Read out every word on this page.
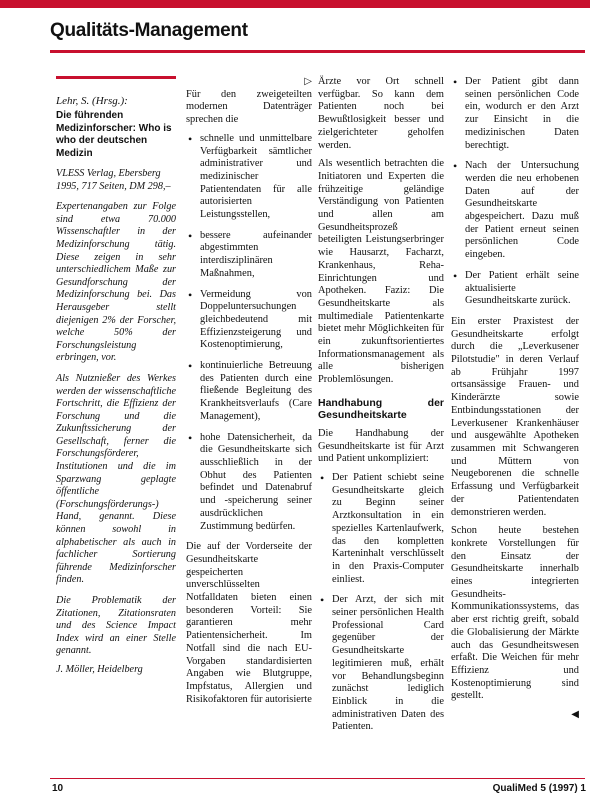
Qualitäts-Management
Lehr, S. (Hrsg.):
Die führenden Medizinforscher: Who is who der deutschen Medizin
VLESS Verlag, Ebersberg 1995, 717 Seiten, DM 298,–
Expertenangaben zur Folge sind etwa 70.000 Wissenschaftler in der Medizinforschung tätig. Diese zeigen in sehr unterschiedlichem Maße zur Gesundforschung der Medizinforschung bei. Das Herausgeber stellt diejenigen 2% der Forscher, welche 50% der Forschungsleistung erbringen, vor.
Als Nutznießer des Werkes werden der wissenschaftliche Fortschritt, die Effizienz der Forschung und die Zukunftssicherung der Gesellschaft, ferner die Forschungsförderer, Institutionen und die im Sparzwang geplagte öffentliche (Forschungsförderungs-) Hand, genannt. Diese können sowohl in alphabetischer als auch in fachlicher Sortierung führende Medizinforscher finden.
Die Problematik der Zitationen, Zitationsraten und des Science Impact Index wird an einer Stelle genannt.
J. Möller, Heidelberg
▷

Für den zweigeteilten modernen Datenträger sprechen die

• schnelle und unmittelbare Verfügbarkeit sämtlicher administrativer und medizinischer Patientendaten für alle autorisierten Leistungsstellen,
• bessere aufeinander abgestimmten interdisziplinären Maßnahmen,
• Vermeidung von Doppeluntersuchungen gleichbedeutend mit Effizienzsteigerung und Kostenoptimierung,
• kontinuierliche Betreuung des Patienten durch eine fließende Begleitung des Krankheitsverlaufs (Care Management),
• hohe Datensicherheit, da die Gesundheitskarte sich ausschließlich in der Obhut des Patienten befindet und Datenabruf und -speicherung seiner ausdrücklichen Zustimmung bedürfen.

Die auf der Vorderseite der Gesundheitskarte gespeicherten unverschlüsselten Notfalldaten bieten einen besonderen Vorteil: Sie garantieren mehr Patientensicherheit. Im Notfall sind die nach EU-Vorgaben standardisierten Angaben wie Blutgruppe, Impfstatus, Allergien und Risikofaktoren für autorisierte

Ärzte vor Ort schnell verfügbar. So kann dem Patienten noch bei Bewußtlosigkeit besser und zielgerichteter geholfen werden.

Als wesentlich betrachten die Initiatoren und Experten die frühzeitige geländige Verständigung von Patienten und allen am Gesundheitsprozeß beteiligten Leistungserbringer wie Hausarzt, Facharzt, Krankenhaus, Reha-Einrichtungen und Apotheken. Faziz: Die Gesundheitskarte als multimediale Patientenkarte bietet mehr Möglichkeiten für ein zukunftsorientiertes Informationsmanagement als alle bisherigen Problemlösungen.

Handhabung der Gesundheitskarte

Die Handhabung der Gesundheitskarte ist für Arzt und Patient unkompliziert:

• Der Patient schiebt seine Gesundheitskarte gleich zu Beginn seiner Arztkonsultation in ein spezielles Kartenlaufwerk, das den kompletten Karteninhalt verschlüsselt in den Praxis-Computer einliest.
• Der Arzt, der sich mit seiner persönlichen Health Professional Card gegenüber der Gesundheitskarte legitimieren muß, erhält vor Behandlungsbeginn zunächst lediglich Einblick in die administrativen Daten des Patienten.
• Der Patient gibt dann seinen persönlichen Code ein, wodurch er den Arzt zur Einsicht in die medizinischen Daten berechtigt.
• Nach der Untersuchung werden die neu erhobenen Daten auf der Gesundheitskarte abgespeichert. Dazu muß der Patient erneut seinen persönlichen Code eingeben.
• Der Patient erhält seine aktualisierte Gesundheitskarte zurück.

Ein erster Praxistest der Gesundheitskarte erfolgt durch die „Leverkusener Pilotstudie" in deren Verlauf ab Frühjahr 1997 ortsansässige Frauen- und Kinderärzte sowie Entbindungsstationen der Leverkusener Krankenhäuser und ausgewählte Apotheken zusammen mit Schwangeren und Müttern von Neugeborenen die schnelle Erfassung und Verfügbarkeit der Patientendaten demonstrieren werden.

Schon heute bestehen konkrete Vorstellungen für den Einsatz der Gesundheitskarte innerhalb eines integrierten Gesundheits-Kommunikationssystems, das aber erst richtig greift, sobald die Globalisierung der Märkte auch das Gesundheitswesen erfaßt. Die Weichen für mehr Effizienz und Kostenoptimierung sind gestellt.

◀
10	QualiMed 5 (1997) 1
